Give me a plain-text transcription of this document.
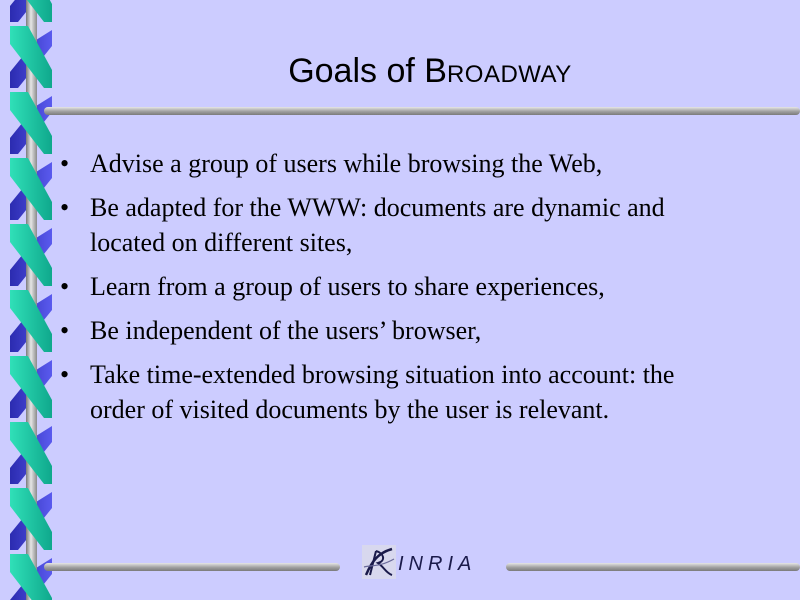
Goals of BROADWAY
• Advise a group of users while browsing the Web,
• Be adapted for the WWW: documents are dynamic and
located on different sites,
• Learn from a group of users to share experiences,
• Be independent of the users’ browser,
• Take time-extended browsing situation into account: the
order of visited documents by the user is relevant.
INRIA
